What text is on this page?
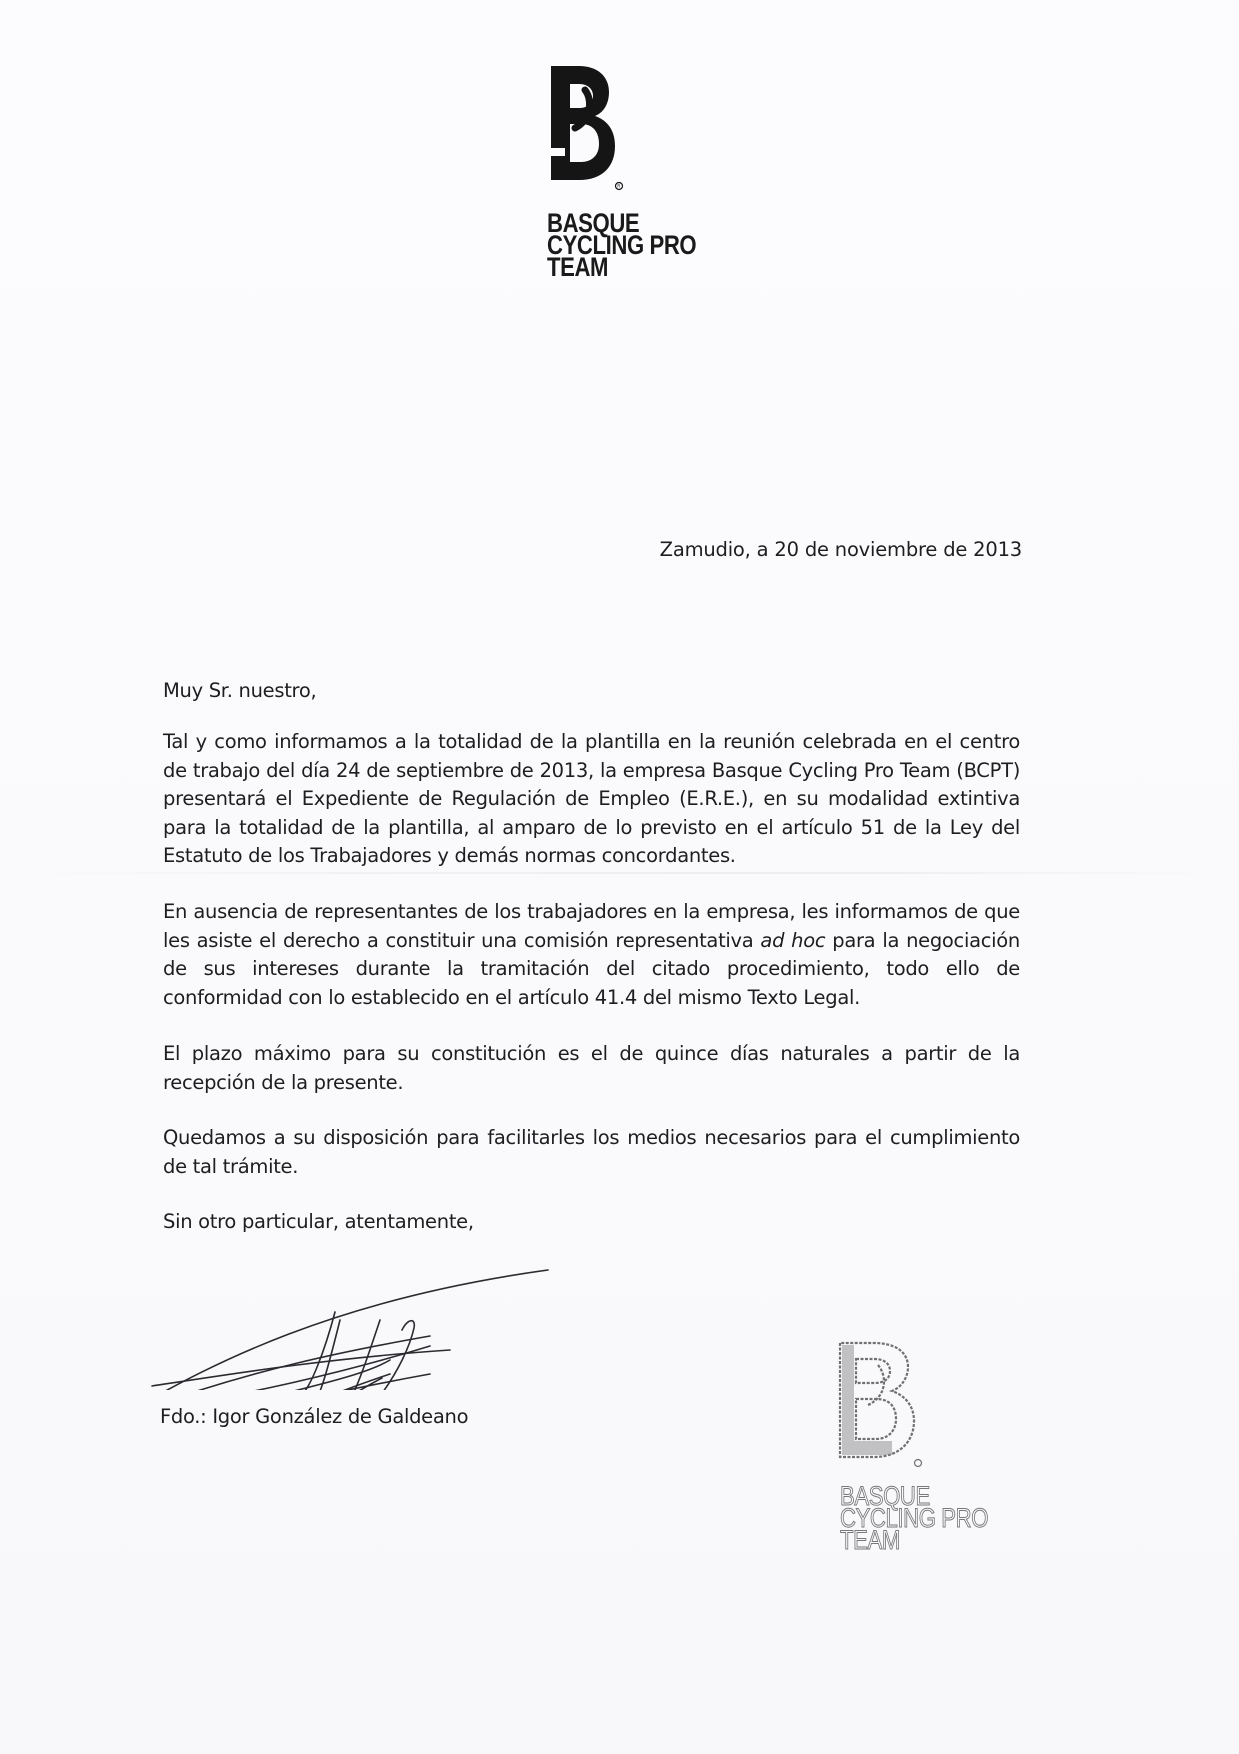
R
BASQUE
CYCLING PRO
TEAM
Zamudio, a 20 de noviembre de 2013

Muy Sr. nuestro,

Tal y como informamos a la totalidad de la plantilla en la reunión celebrada en el centro de trabajo del día 24 de septiembre de 2013, la empresa Basque Cycling Pro Team (BCPT) presentará el Expediente de Regulación de Empleo (E.R.E.), en su modalidad extintiva para la totalidad de la plantilla, al amparo de lo previsto en el artículo 51 de la Ley del Estatuto de los Trabajadores y demás normas concordantes.

En ausencia de representantes de los trabajadores en la empresa, les informamos de que les asiste el derecho a constituir una comisión representativa ad hoc para la negociación de sus intereses durante la tramitación del citado procedimiento, todo ello de conformidad con lo establecido en el artículo 41.4 del mismo Texto Legal.

El plazo máximo para su constitución es el de quince días naturales a partir de la recepción de la presente.

Quedamos a su disposición para facilitarles los medios necesarios para el cumplimiento de tal trámite.

Sin otro particular, atentamente,

Fdo.: Igor González de Galdeano
BASQUE
CYCLING PRO
TEAM
